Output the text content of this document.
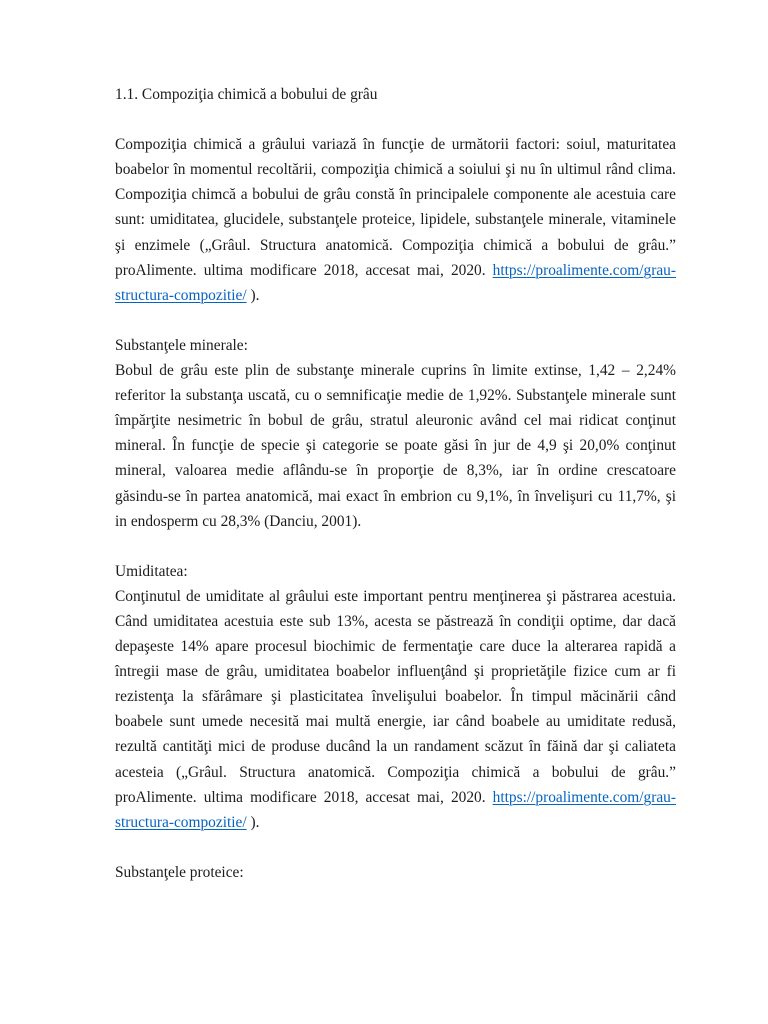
1.1. Compoziţia chimică a bobului de grâu
Compoziţia chimică a grâului variază în funcţie de următorii factori: soiul, maturitatea
boabelor în momentul recoltării, compoziţia chimică a soiului şi nu în ultimul rând clima.
Compoziţia chimcă a bobului de grâu constă în principalele componente ale acestuia care
sunt: umiditatea, glucidele, substanţele proteice, lipidele, substanţele minerale, vitaminele
şi enzimele („Grâul. Structura anatomică. Compoziţia chimică a bobului de grâu.”
proAlimente. ultima modificare 2018, accesat mai, 2020. https://proalimente.com/grau-
structura-compozitie/ ).
Substanţele minerale:
Bobul de grâu este plin de substanţe minerale cuprins în limite extinse, 1,42 – 2,24%
referitor la substanţa uscată, cu o semnificaţie medie de 1,92%. Substanţele minerale sunt
împărţite nesimetric în bobul de grâu, stratul aleuronic având cel mai ridicat conţinut
mineral. În funcţie de specie şi categorie se poate găsi în jur de 4,9 şi 20,0% conţinut
mineral, valoarea medie aflându-se în proporţie de 8,3%, iar în ordine crescatoare
găsindu-se în partea anatomică, mai exact în embrion cu 9,1%, în învelişuri cu 11,7%, şi
in endosperm cu 28,3% (Danciu, 2001).
Umiditatea:
Conţinutul de umiditate al grâului este important pentru menţinerea şi păstrarea acestuia.
Când umiditatea acestuia este sub 13%, acesta se păstrează în condiţii optime, dar dacă
depaşeste 14% apare procesul biochimic de fermentaţie care duce la alterarea rapidă a
întregii mase de grâu, umiditatea boabelor influenţând şi proprietăţile fizice cum ar fi
rezistenţa la sfărâmare şi plasticitatea învelişului boabelor. În timpul măcinării când
boabele sunt umede necesită mai multă energie, iar când boabele au umiditate redusă,
rezultă cantităţi mici de produse ducând la un randament scăzut în făină dar şi caliateta
acesteia („Grâul. Structura anatomică. Compoziţia chimică a bobului de grâu.”
proAlimente. ultima modificare 2018, accesat mai, 2020. https://proalimente.com/grau-
structura-compozitie/ ).
Substanţele proteice:
